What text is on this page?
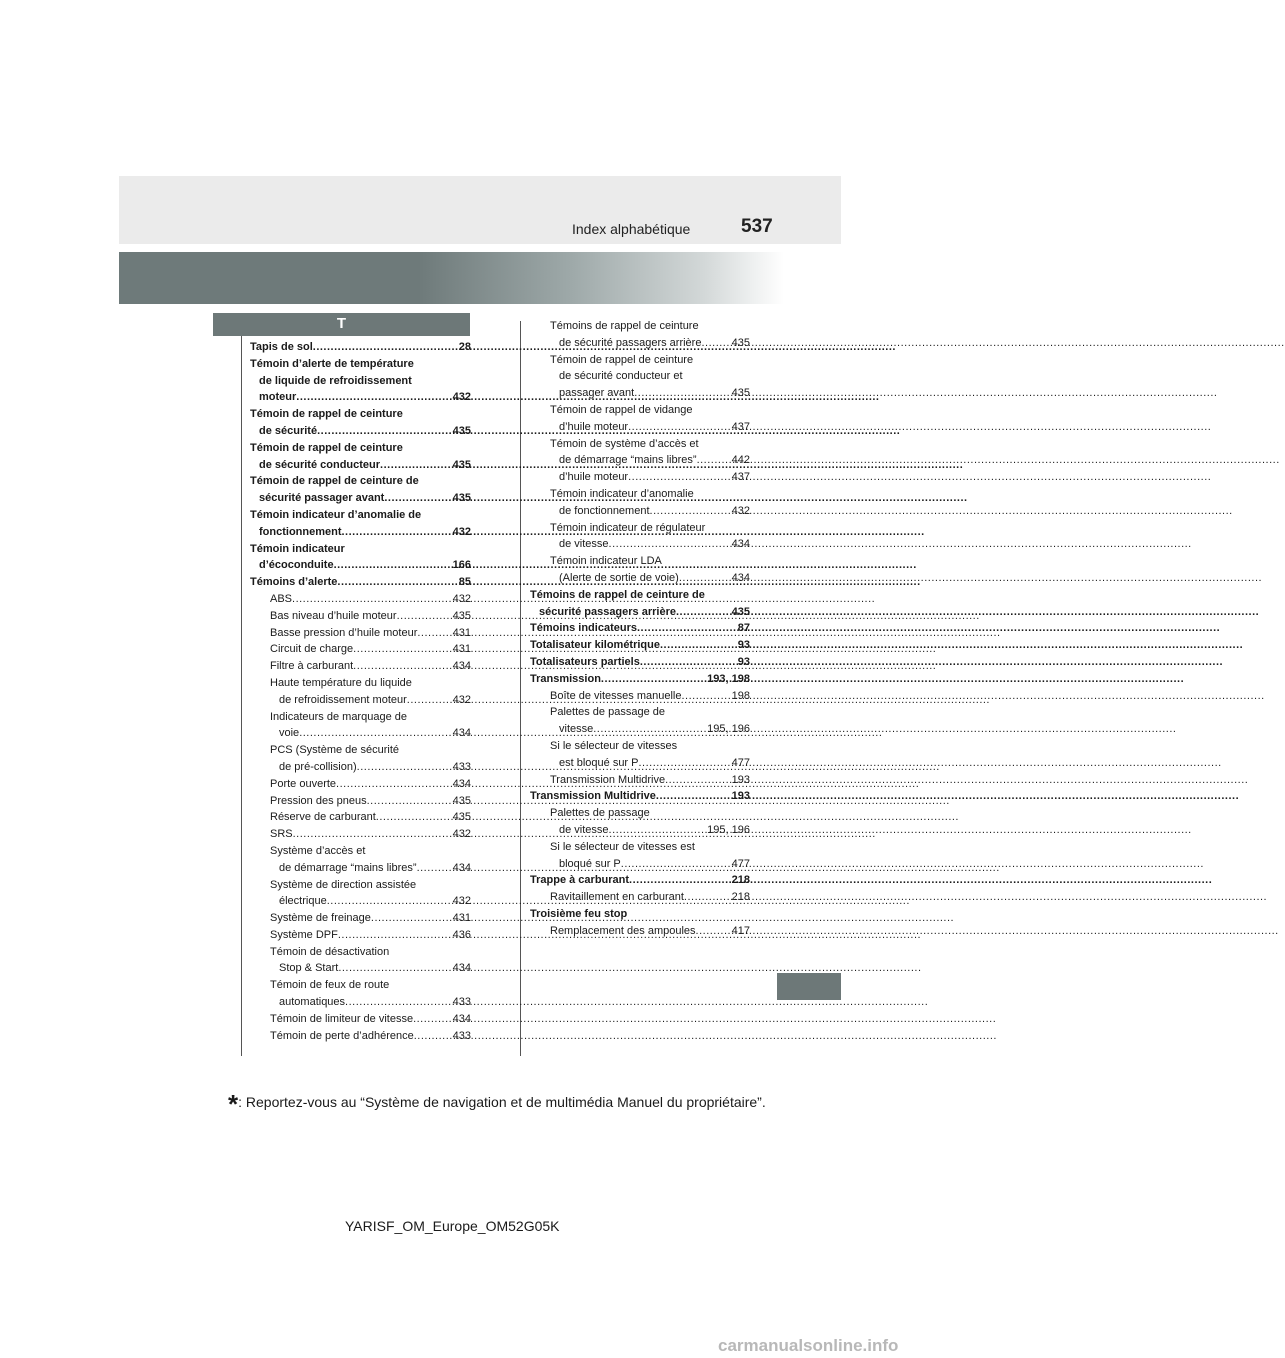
Index alphabétique	537
T
Tapis de sol .....	28
Témoin d’alerte de température
de liquide de refroidissement
moteur .....	432
Témoin de rappel de ceinture
de sécurité .....	435
Témoin de rappel de ceinture
de sécurité conducteur .....	435
Témoin de rappel de ceinture de
sécurité passager avant .....	435
Témoin indicateur d’anomalie de
fonctionnement .....	432
Témoin indicateur
d’écoconduite .....	166
Témoins d’alerte .....	85
ABS .....	432
Bas niveau d’huile moteur .....	435
Basse pression d’huile moteur .....	431
Circuit de charge .....	431
Filtre à carburant .....	434
Haute température du liquide
de refroidissement moteur .....	432
Indicateurs de marquage de
voie .....	434
PCS (Système de sécurité
de pré-collision) .....	433
Porte ouverte .....	434
Pression des pneus .....	435
Réserve de carburant .....	435
SRS .....	432
Système d’accès et
de démarrage “mains libres” .....	434
Système de direction assistée
électrique .....	432
Système de freinage .....	431
Système DPF .....	436
Témoin de désactivation
Stop & Start .....	434
Témoin de feux de route
automatiques .....	433
Témoin de limiteur de vitesse .....	434
Témoin de perte d’adhérence .....	433
Témoins de rappel de ceinture
de sécurité passagers arrière .....	435
Témoin de rappel de ceinture
de sécurité conducteur et
passager avant .....	435
Témoin de rappel de vidange
d’huile moteur .....	437
Témoin de système d’accès et
de démarrage “mains libres” .....	442
d’huile moteur .....	437
Témoin indicateur d’anomalie
de fonctionnement .....	432
Témoin indicateur de régulateur
de vitesse .....	434
Témoin indicateur LDA
(Alerte de sortie de voie) .....	434
Témoins de rappel de ceinture de
sécurité passagers arrière .....	435
Témoins indicateurs .....	87
Totalisateur kilométrique .....	93
Totalisateurs partiels .....	93
Transmission .....	193, 198
Boîte de vitesses manuelle .....	198
Palettes de passage de
vitesse .....	195, 196
Si le sélecteur de vitesses
est bloqué sur P .....	477
Transmission Multidrive .....	193
Transmission Multidrive .....	193
Palettes de passage
de vitesse .....	195, 196
Si le sélecteur de vitesses est
bloqué sur P .....	477
Trappe à carburant .....	218
Ravitaillement en carburant .....	218
Troisième feu stop
Remplacement des ampoules .....	417
*: Reportez-vous au “Système de navigation et de multimédia Manuel du propriétaire”.
YARISF_OM_Europe_OM52G05K
carmanualsonline.info
